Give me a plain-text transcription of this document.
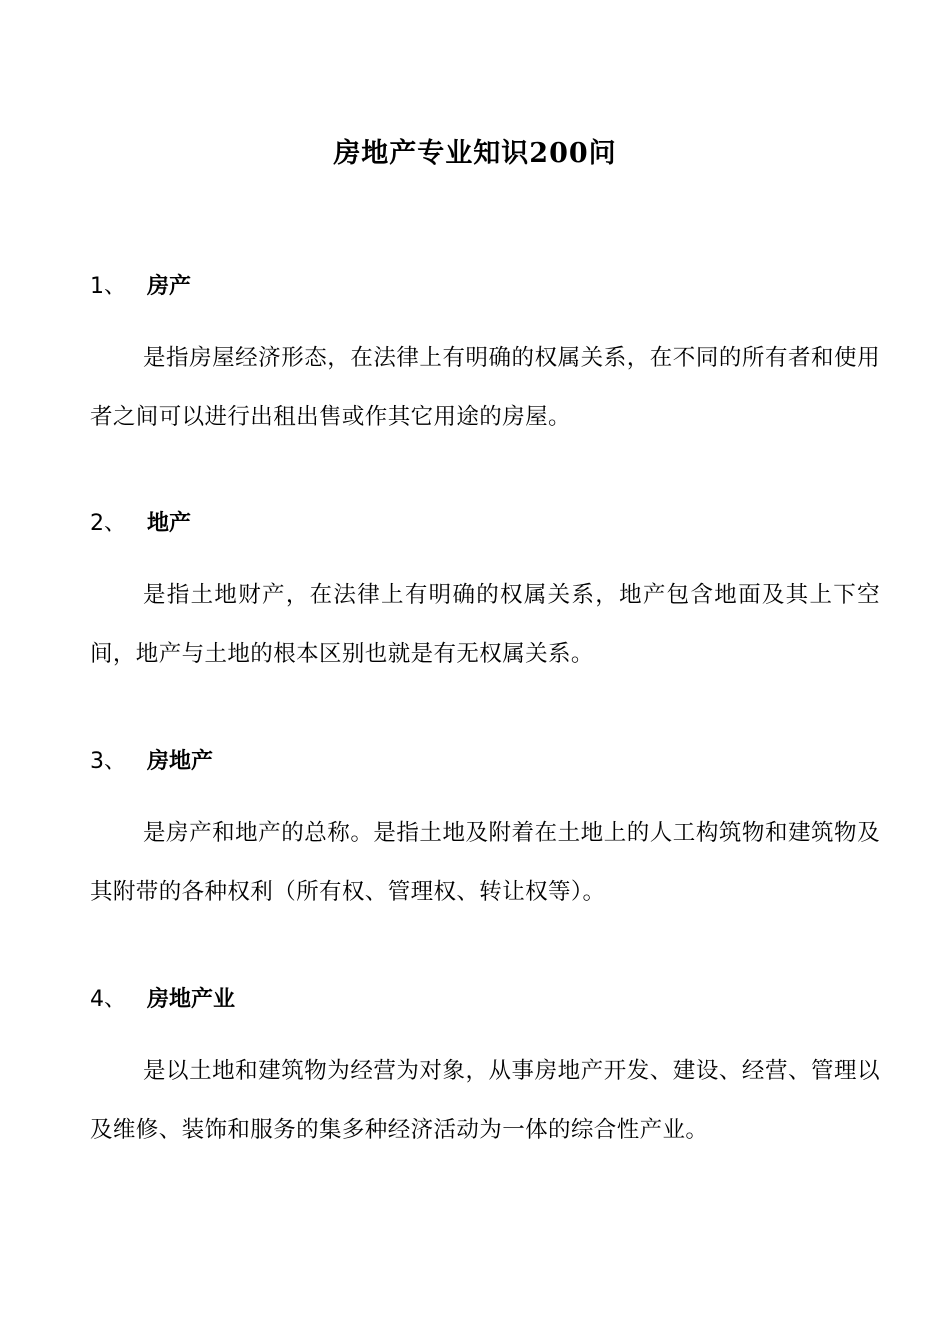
房地产专业知识200问
1、 房产
是指房屋经济形态，在法律上有明确的权属关系，在不同的所有者和使用者之间可以进行出租出售或作其它用途的房屋。
2、 地产
是指土地财产，在法律上有明确的权属关系，地产包含地面及其上下空间，地产与土地的根本区别也就是有无权属关系。
3、 房地产
是房产和地产的总称。是指土地及附着在土地上的人工构筑物和建筑物及其附带的各种权利（所有权、管理权、转让权等）。
4、 房地产业
是以土地和建筑物为经营为对象，从事房地产开发、建设、经营、管理以及维修、装饰和服务的集多种经济活动为一体的综合性产业。
